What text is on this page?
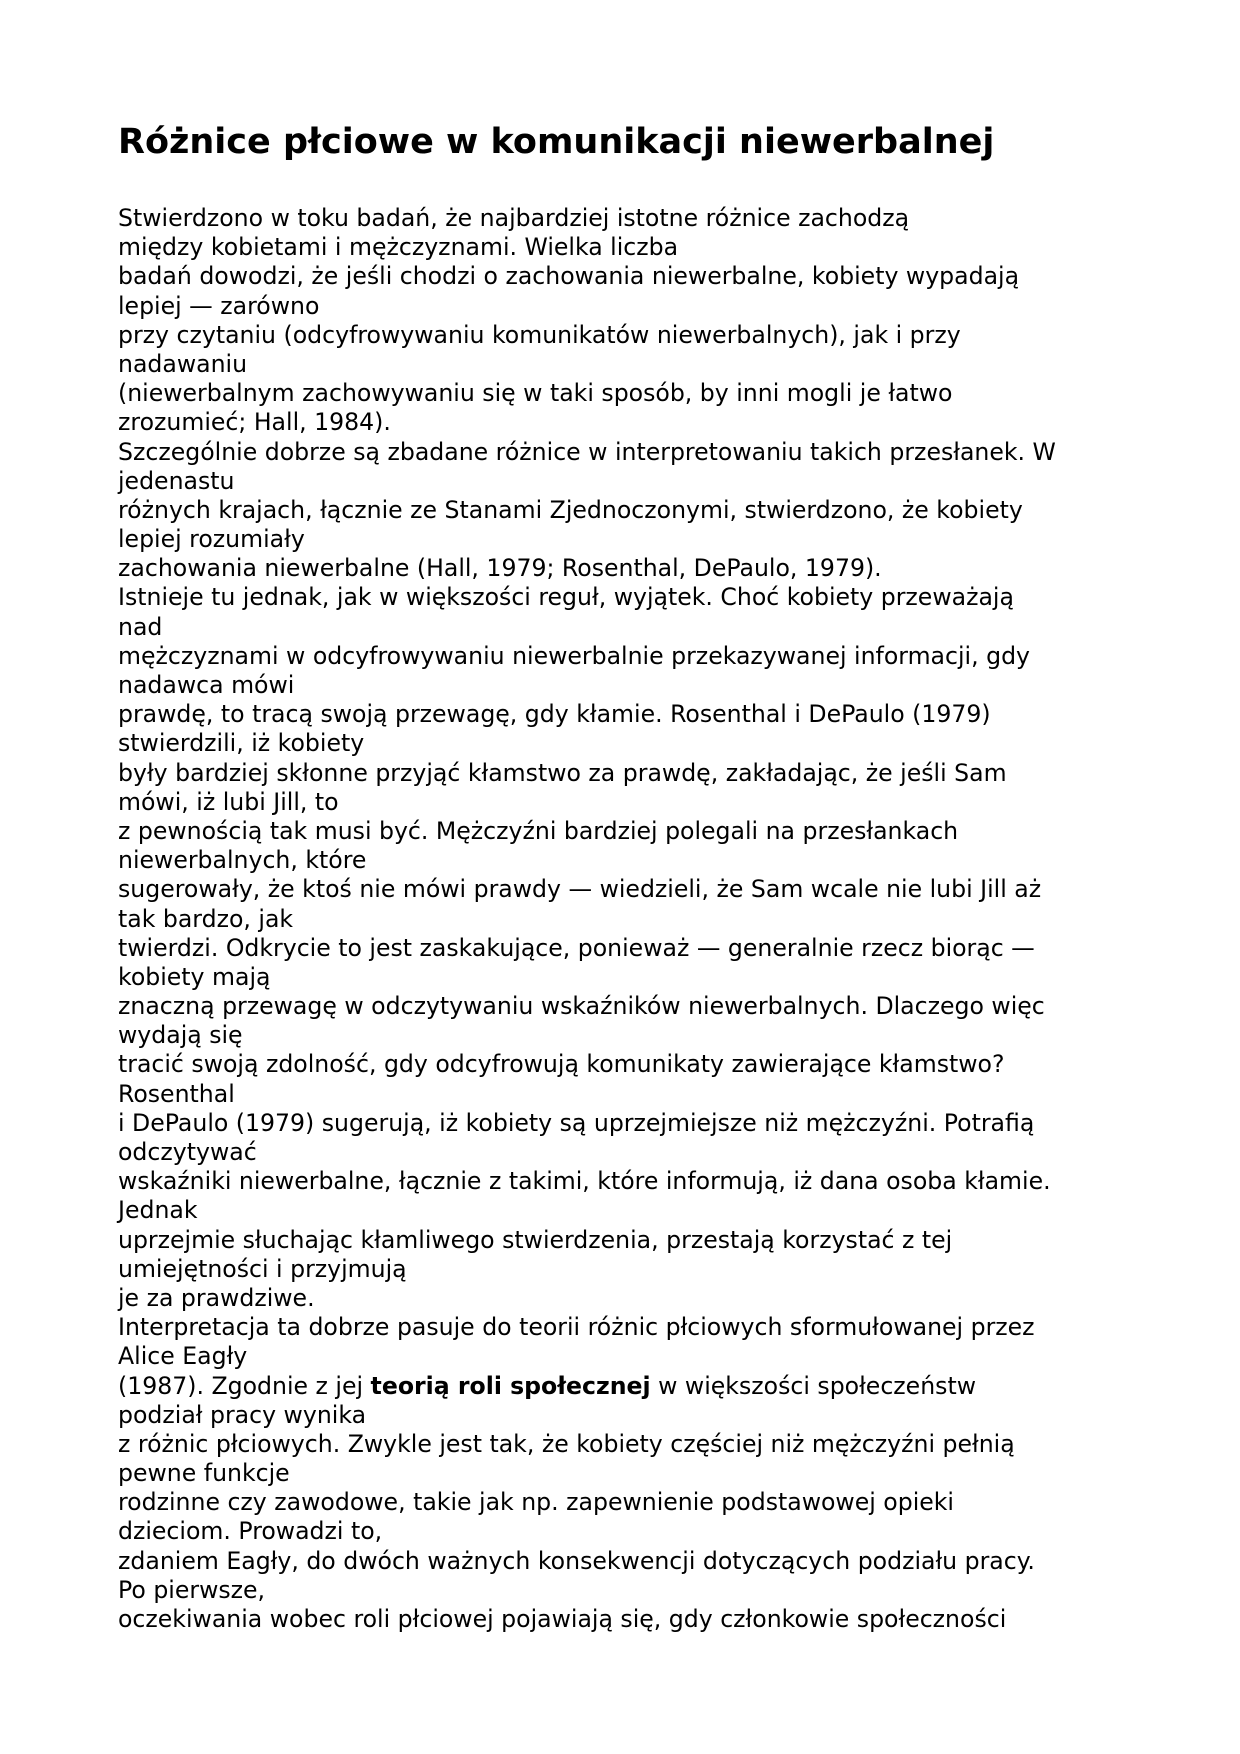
Różnice płciowe w komunikacji niewerbalnej
Stwierdzono w toku badań, że najbardziej istotne różnice zachodzą
między kobietami i mężczyznami. Wielka liczba
badań dowodzi, że jeśli chodzi o zachowania niewerbalne, kobiety wypadają
lepiej — zarówno
przy czytaniu (odcyfrowywaniu komunikatów niewerbalnych), jak i przy
nadawaniu
(niewerbalnym zachowywaniu się w taki sposób, by inni mogli je łatwo
zrozumieć; Hall, 1984).
Szczególnie dobrze są zbadane różnice w interpretowaniu takich przesłanek. W
jedenastu
różnych krajach, łącznie ze Stanami Zjednoczonymi, stwierdzono, że kobiety
lepiej rozumiały
zachowania niewerbalne (Hall, 1979; Rosenthal, DePaulo, 1979).
Istnieje tu jednak, jak w większości reguł, wyjątek. Choć kobiety przeważają
nad
mężczyznami w odcyfrowywaniu niewerbalnie przekazywanej informacji, gdy
nadawca mówi
prawdę, to tracą swoją przewagę, gdy kłamie. Rosenthal i DePaulo (1979)
stwierdzili, iż kobiety
były bardziej skłonne przyjąć kłamstwo za prawdę, zakładając, że jeśli Sam
mówi, iż lubi Jill, to
z pewnością tak musi być. Mężczyźni bardziej polegali na przesłankach
niewerbalnych, które
sugerowały, że ktoś nie mówi prawdy — wiedzieli, że Sam wcale nie lubi Jill aż
tak bardzo, jak
twierdzi. Odkrycie to jest zaskakujące, ponieważ — generalnie rzecz biorąc —
kobiety mają
znaczną przewagę w odczytywaniu wskaźników niewerbalnych. Dlaczego więc
wydają się
tracić swoją zdolność, gdy odcyfrowują komunikaty zawierające kłamstwo?
Rosenthal
i DePaulo (1979) sugerują, iż kobiety są uprzejmiejsze niż mężczyźni. Potrafią
odczytywać
wskaźniki niewerbalne, łącznie z takimi, które informują, iż dana osoba kłamie.
Jednak
uprzejmie słuchając kłamliwego stwierdzenia, przestają korzystać z tej
umiejętności i przyjmują
je za prawdziwe.
Interpretacja ta dobrze pasuje do teorii różnic płciowych sformułowanej przez
Alice Eagły
(1987). Zgodnie z jej teorią roli społecznej w większości społeczeństw
podział pracy wynika
z różnic płciowych. Zwykle jest tak, że kobiety częściej niż mężczyźni pełnią
pewne funkcje
rodzinne czy zawodowe, takie jak np. zapewnienie podstawowej opieki
dzieciom. Prowadzi to,
zdaniem Eagły, do dwóch ważnych konsekwencji dotyczących podziału pracy.
Po pierwsze,
oczekiwania wobec roli płciowej pojawiają się, gdy członkowie społeczności
